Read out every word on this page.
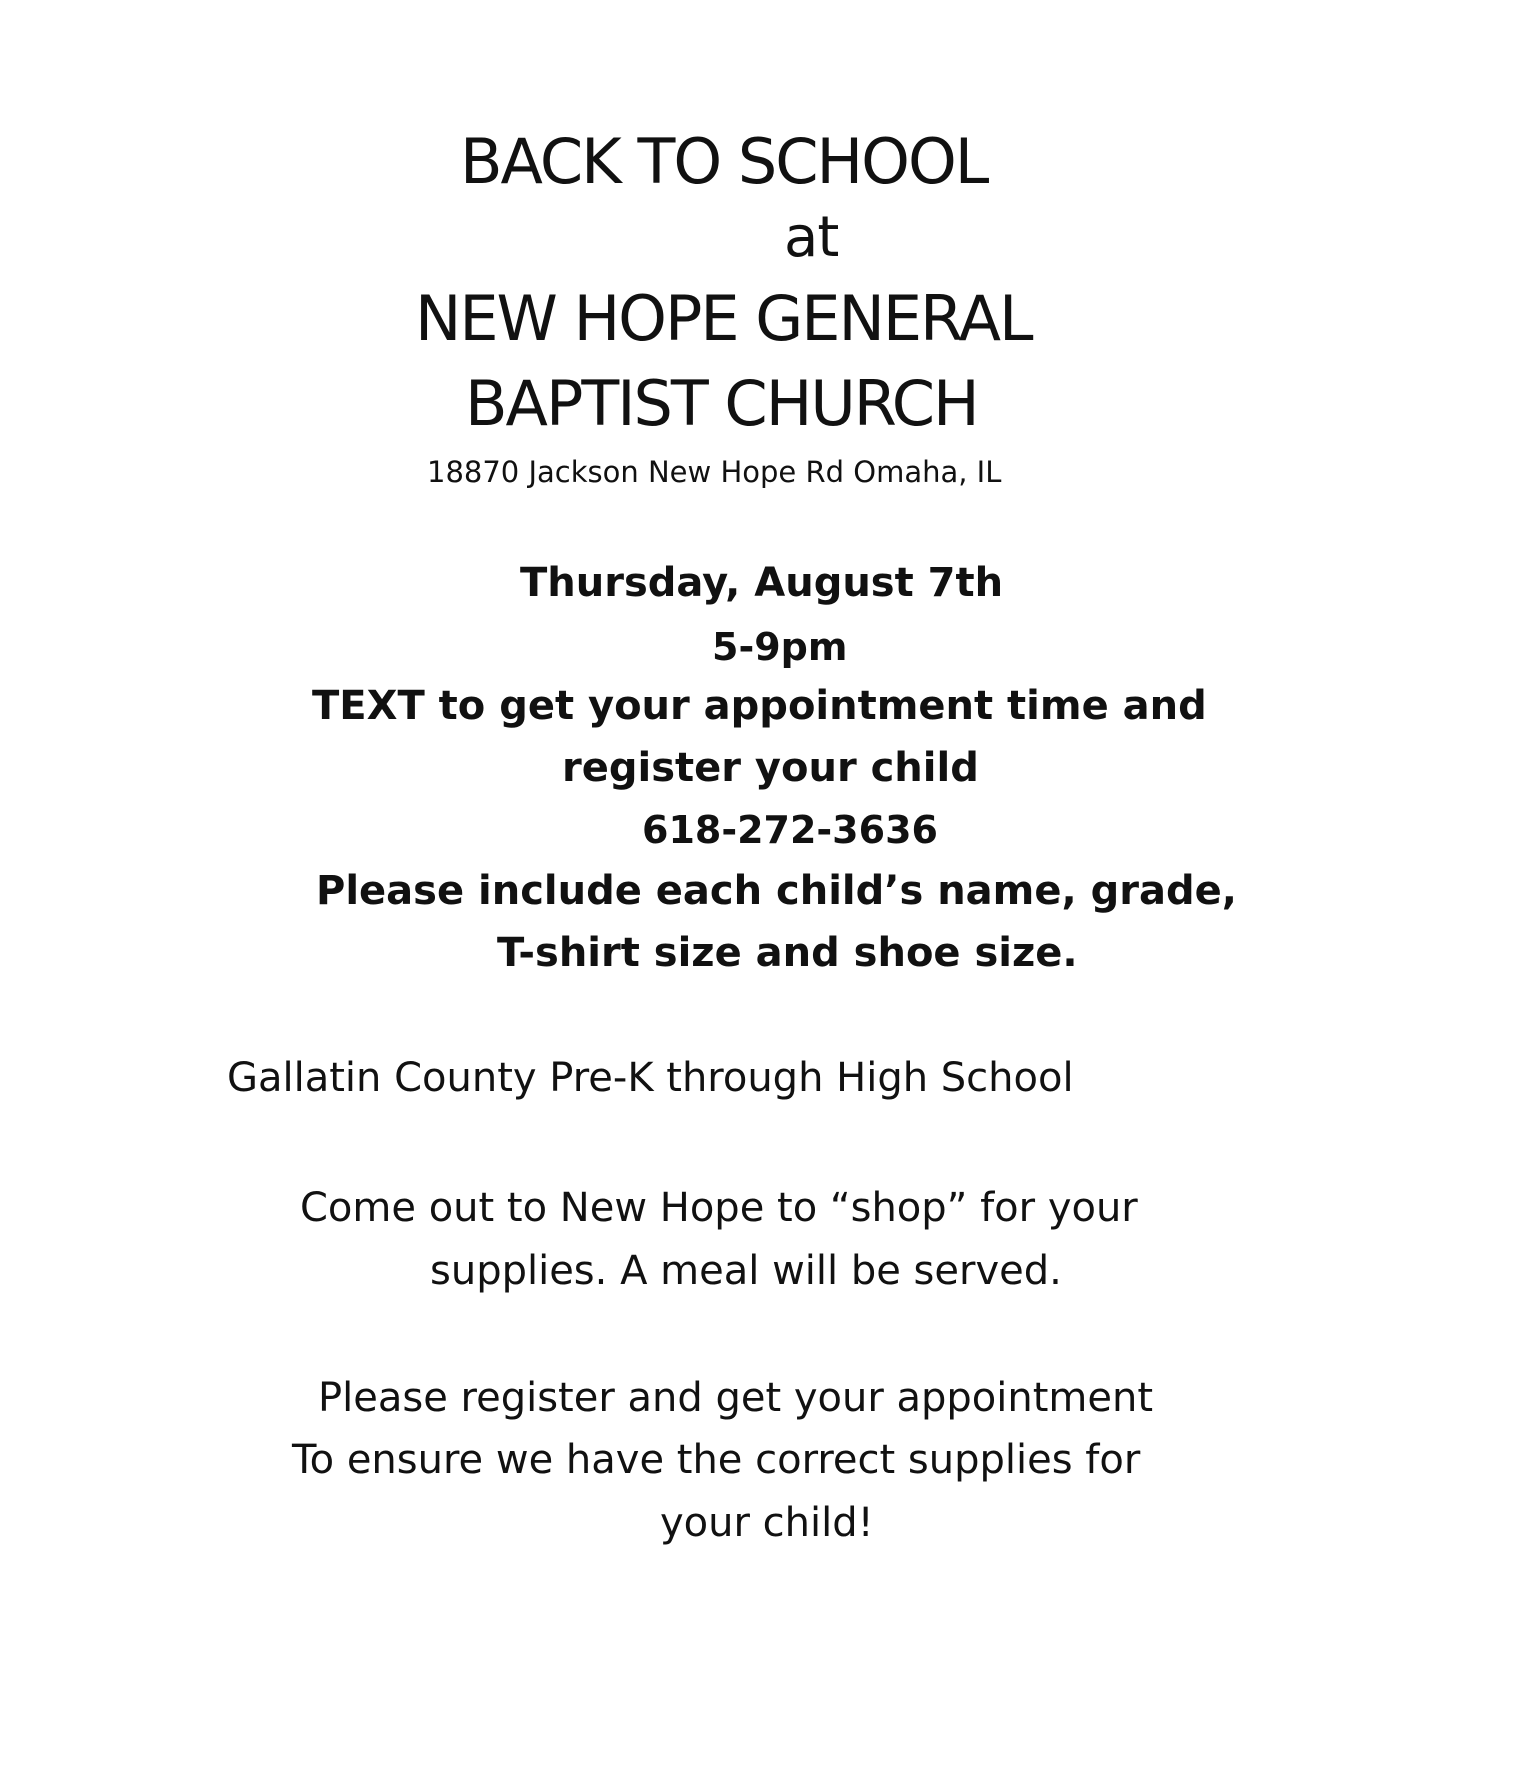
BACK TO SCHOOL
at
NEW HOPE GENERAL
BAPTIST CHURCH
18870 Jackson New Hope Rd Omaha, IL
Thursday, August 7th
5-9pm
TEXT to get your appointment time and
register your child
618-272-3636
Please include each child’s name, grade,
T-shirt size and shoe size.
Gallatin County Pre-K through High School
Come out to New Hope to “shop” for your
supplies. A meal will be served.
Please register and get your appointment
To ensure we have the correct supplies for
your child!
